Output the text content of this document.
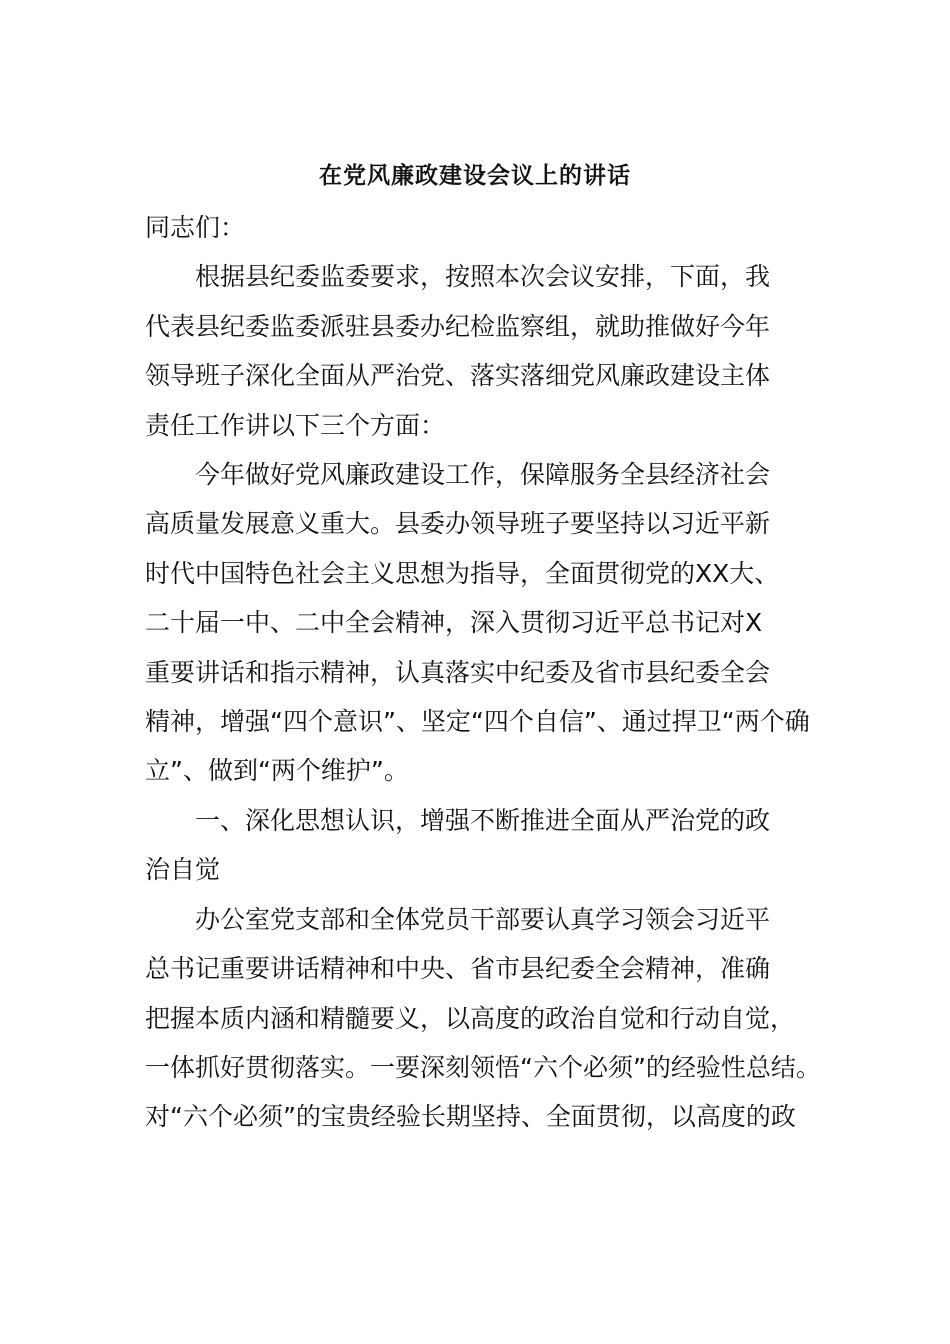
在党风廉政建设会议上的讲话

同志们：

根据县纪委监委要求，按照本次会议安排，下面，我

代表县纪委监委派驻县委办纪检监察组，就助推做好今年

领导班子深化全面从严治党、落实落细党风廉政建设主体

责任工作讲以下三个方面：

今年做好党风廉政建设工作，保障服务全县经济社会

高质量发展意义重大。县委办领导班子要坚持以习近平新

时代中国特色社会主义思想为指导，全面贯彻党的XX大、

二十届一中、二中全会精神，深入贯彻习近平总书记对X

重要讲话和指示精神，认真落实中纪委及省市县纪委全会

精神，增强“四个意识”、坚定“四个自信”、通过捍卫“两个确

立”、做到“两个维护”。

一、深化思想认识，增强不断推进全面从严治党的政

治自觉

办公室党支部和全体党员干部要认真学习领会习近平

总书记重要讲话精神和中央、省市县纪委全会精神，准确

把握本质内涵和精髓要义，以高度的政治自觉和行动自觉，

一体抓好贯彻落实。一要深刻领悟“六个必须”的经验性总结。

对“六个必须”的宝贵经验长期坚持、全面贯彻，以高度的政
